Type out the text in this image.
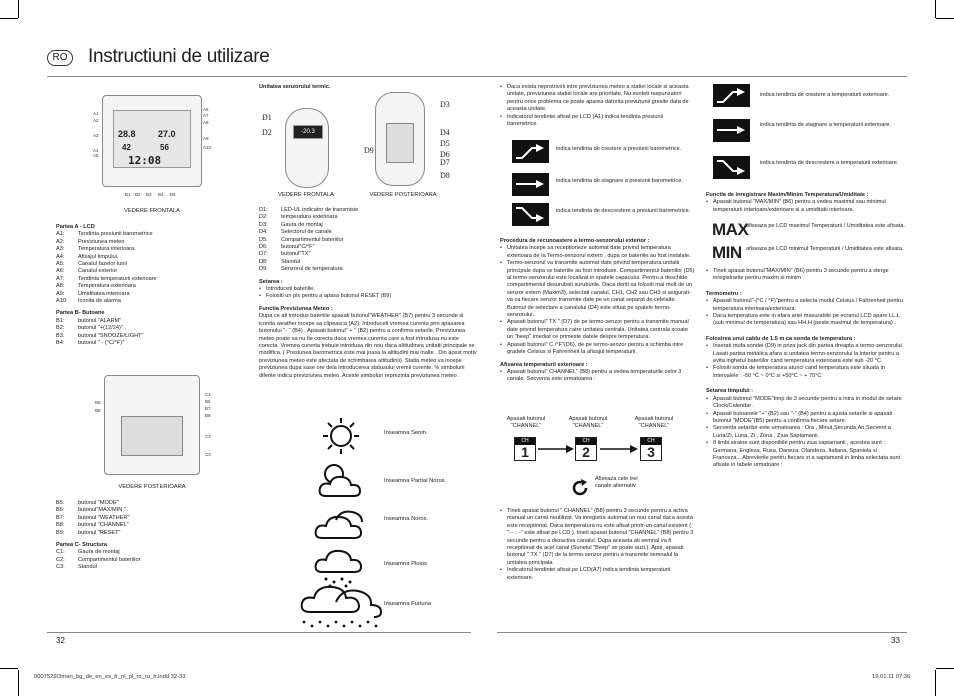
RO Instructiuni de utilizare
28.8 27.0
42	56
12:08
A1
A2
A3
A4
A5
A6
A7
A8
A9
A10
B1 B2 B3 B4 B5
VEDERE FRONTALA
Partea A - LCD
A1:	Tendinta presiunii barometrice
A2:	Previziunea meteo
A3:	Temperatura interioara.
A4:	Afisajul timpului.
A5:	Canalul fazelor lunii
A6:	Canalul exterior
A7:	Tendinta temperaturii exterioare
A8:	Temperatura exterioara
A9:	Umiditatea interioara
A10:	Iconita de alarma
Partea B- Butoane
B1:	butonul "ALARM"
B2:	butonul "+(12/24)" .
B3:	butonul "SNOOZE/LIGHT"
B4:	butonul " - (°C/°F)"
B6
B9
C1
B5
B7
B8
C2
C3
VEDERE POSTERIOARA
B5:	butonul "MODE"
B6:	butonul"MAX/MIN "
B7:	butonul "WEATHER"
B8:	butonul "CHANNEL"
B9:	butonul "RESET"
Partea C- Structura
C1:	Gaura de montaj
C2:	Compartimentul bateriilor
C3:	Standul
Unitatea senzorului termic.
-20.3
D1
D2
D3
D4
D5
D6
D7
D8
D9
VEDERE FRONTALA	VEDERE POSTERIOARA
D1:	LED-UL indicator de transmisie
D2:	temperatura exterioara
D3:	Gaura de montaj
D4:	Selectorul de canale
D5:	Compartimentul bateriilor
D6:	butonul"C/°F"
D7:	butonul"TX"
D8:	Standul
D9:	Senzorul de temperatura
Setarea :
• Introduceti bateriile.
• Folositi un pix pentru a apasa butonul RESET (B9)
Functia Previziunea Meteo :
Dupa ce ati introdus bateriile apasati butonul"WEATHER" (B7) pentru 3 secunde si iconita weather incepe sa clipeasca (A2). Introduceti vremea curenta prin apasarea butonului "- " (B4) . Apasati butonul" + " (B2) pentru a confirma setarile. Previziunea meteo poate sa nu fie corecta daca vremea curenta care a fost introdusa nu este corecta. Vremea curenta trebuie introdusa din nou daca altitudinea unitatii principale se modifica. ( Presiunea barometrica este mai joasa la altitudini mai inalte . Din acest motiv previziunea meteo este afectata de schimbarea altitudinii). Statia meteo va incepe previziunea dupa sase ore dela introducerea statusului vremii curente. % simbolurii diferite indica previziunea meteo. Aceste simboluri reprezinta previziunea meteo .
Inseamna Senin.
Inseamna Partial Noros.
Inseamna Noros.
Inseamna Ploios
Inseamna Furtuna
32
• Daca exista neprotrivirii intre previziunea meteo a statiei locale si aceasta unitate, previziunea statiei locale are prioritate. Nu sunteti raspunzatori pentru orice problema ce poate aparea datorita previziunii gresite data de aceasta unitate.
• Indicatorul tendintei afisat pe LCD (A1) indica tendinta presiunii barometrice.
indica tendinta de crestere a presiunii barometrice.
indica tendinta de stagnare a presiunii barometrice.
indica tendinta de descrestere a presiunii barometrice.
Procedura de recunoastere a termo-senzorului exterior :
• Unitatea incepe sa receptioneze automat date privind temperatura exterioara de la Termo-senzorul extern , dupa ce bateriile au fost instalate.
• Termo-senzorul va transmite automat date privind temperatura unitatii principale dupa ce bateriile au fost introduse. Compartimentul bateriilor (D5) al termo-senzorului este localizat in spatele capacului. Pentru a deschide compartimentul desurubati suruburile. Daca doriti sa folositi mai mult de un senzor extern (Maxim3), selectati canalul, CH1, CH2 sau CH3 si asigurati-va ca fiecare senzor transmite date pe un canal separat de celelalte. Butonul de selectare a canalului (D4) este situat pe spatele termo-senzorului.
• Apasati butonul" TX " (D7) de pe termo-senzor pentru a transmite manual date privind temperatura catre unitatea centrala. Unitatea centrala scoate un "beep" imediat ce primeste datele despre temperatura.
• Apasati butonul" C /°F"(D6), de pe termo-senzor pentru a schimba intre gradele Celsius si Fahrenheit la afisajul temperaturii.
Afisarea temperaturii exterioare :
• Apasati butonul" CHANNEL" (B8) pentru a vedea temperaturile celor 3 canale. Secventa este urmatoarea :
Apasati butonul "CHANNEL"
Apasati butonul "CHANNEL"
Apasati butonul "CHANNEL"
CH
1
CH
2
CH
3
Afiseaza cele trei canale alternativ
• Tineti apasat butonul " CHANNEL" (B8) pentru 3 secunde pentru a activa manual un canal neutilizat. Va inregistra automat un nou canal daca acesta este receptionat. Daca temperatura nu este afisat printr-un canal existent ( "- - . -" este afisat pe LCD ), tineti apasat butonul "CHANNEL" (B8) pentru 3 secunde pentru a dezactiva canalul. Dupa aceasta ati semnal va fi receptionat de acel canal (Sunetul "Beep" se poate auzi.). Apoi, apasati butonul " TX " (D7) de la termo-senzor pentru a transmite semnalul la unitatea principala.
• Indicatorul tendintei afisat pe LCD(A7) indica tendinta temperaturii exterioare.
indica tendinta de crestere a temperaturii exterioare.
indica tendinta de stagnare a temperaturii exterioare.
indica tendinta de descrestere a temperaturii exterioare.
Functia de inregistrare Maxim/Minim Temperatura/Umiditate :
• Apasati butonul "MAX/MIN" (B6) pentru a vedea maximul sau minimul temperaturii interioare/exterioare si a umiditatii interioare.
MAX
afiseaza pe LCD maximul Temperaturii / Umiditatea este afisata.
MIN afiseaza pe LCD minimul Temperaturii / Umiditatea este afisata.
• Tineti apasat butonul"MAX/MIN" (B6) pentru 3 secunde pentru a sterge inregistrarile pentru maxim si minim .
Termometru :
• Apasati butonul"-(°C / °F)"pentru a selecta modul Celsius / Fahrenheit pentru temperatura interioara/exterioara.
• Daca temperatura este in afara ariei masurabile pe ecranul LCD apare LL.L (sub minimul de temperatura) sau HH.H (peste maximul de temperatura) .
Folosirea unui cablu de 1.5 m ca sonda de temperatura :
• Inserati mufa sondei (D9) in priza jack din partea dreapta a termo-senzorului. Lasati partea metalica afara si unitatea termo-senzorului la interior pentru a evita inghetul bateriilor cand temperatura exterioara este sub -20 °C.
• Folositi sonda de temperatura atunci cand temperatura este situata in intervalele : -50 °C ~ 0°C si +50°C ~ + 70°C
Setarea timpului :
• Apasati butonul "MODE"timp de 3 secunde pentru a intra in modul de setare Clock/Calendar .
• Apasati butoanele "+" (B2) sau "-" (B4) pentru a ajusta setarile si apasati butonul "MODE"(B5) pentru a confirma fiecare setare.
• Secventa setarilor este urmatoarea : Ora , Minut,Secunda,An,Secvent a Luna/Zi, Luna, Zi , Zona , Ziua Saptamanii.
• 8 limbi straine sunt disponibile pentru ziua saptamanii , acestea sunt : Germana, Engleza, Rusa, Daneza, Olandeza, Italiana, Spaniola si Franceza... Abrevierile pentru fiecare zi a saptamanii in limba selectata sunt afisate in tabele urmatoare :
33
0007529/3man_bg_de_en_es_fr_nl_pl_ro_ru_tr.indd 32-33	19.01.11 07:36
